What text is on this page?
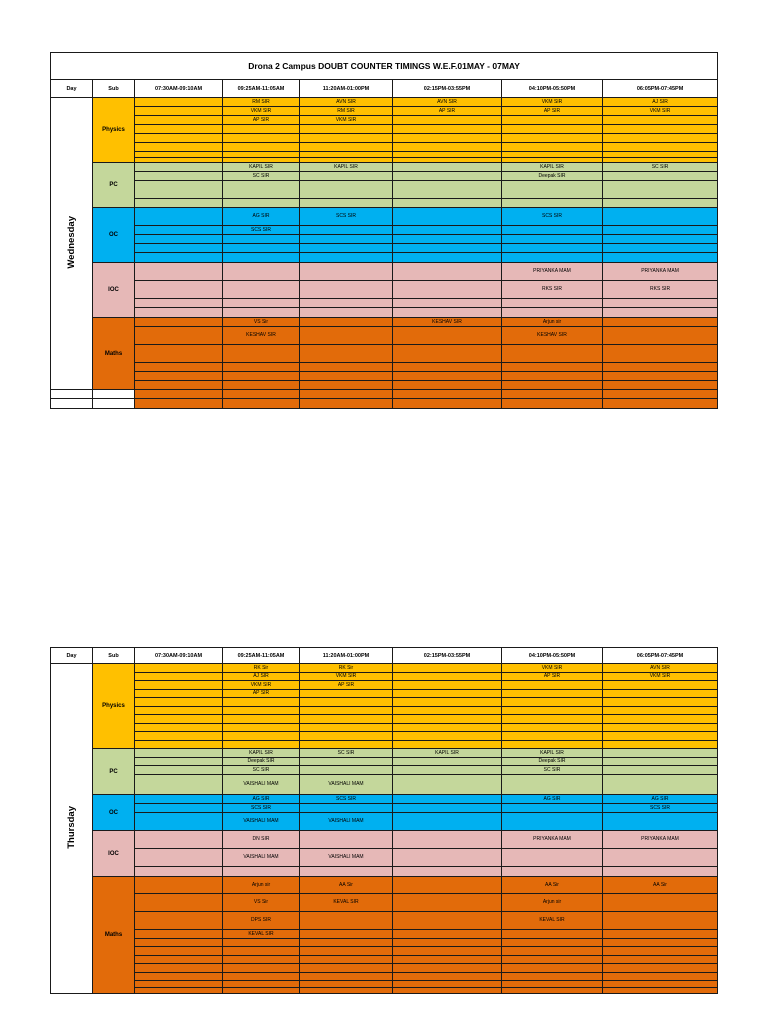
Drona 2 Campus DOUBT COUNTER TIMINGS W.E.F.01MAY - 07MAY							
Day	Sub	07:30AM-09:10AM	09:25AM-11:05AM	11:20AM-01:00PM	02:15PM-03:55PM	04:10PM-05:50PM	06:05PM-07:45PM
Wednesday	Physics		RM SIR	AVN SIR	AVN SIR	VKM SIR	AJ SIR
			VKM SIR	RM SIR	AP SIR	AP SIR	VKM SIR
			AP SIR	VKM SIR			

	PC		KAPIL SIR	KAPIL SIR		KAPIL SIR	SC SIR
			SC SIR			Deepak SIR	

	OC		AG SIR	SCS SIR		SCS SIR	
			SCS SIR				

	IOC					PRIYANKA MAM	PRIYANKA MAM
						RKS SIR	RKS SIR

	Maths		VS Sir		KESHAV SIR	Arjun sir	
			KESHAV SIR			KESHAV SIR	

Day	Sub	07:30AM-09:10AM	09:25AM-11:05AM	11:20AM-01:00PM	02:15PM-03:55PM	04:10PM-05:50PM	06:05PM-07:45PM
Thursday	Physics		RK Sir	RK Sir		VKM SIR	AVN SIR
			AJ SIR	VKM SIR		AP SIR	VKM SIR
			VKM SIR	AP SIR			
			AP SIR				

	PC		KAPIL SIR	SC SIR	KAPIL SIR	KAPIL SIR	
			Deepak SIR			Deepak SIR	
			SC SIR			SC SIR	
			VAISHALI MAM	VAISHALI MAM			
	OC		AG SIR	SCS SIR		AG SIR	AG SIR
			SCS SIR				SCS SIR
			VAISHALI MAM	VAISHALI MAM			
	IOC		DN SIR			PRIYANKA MAM	PRIYANKA MAM
			VAISHALI MAM	VAISHALI MAM			

	Maths		Arjun sir	AA Sir		AA Sir	AA Sir
			VS Sir	KEVAL SIR		Arjun sir	
			DPS SIR			KEVAL SIR	
			KEVAL SIR				
